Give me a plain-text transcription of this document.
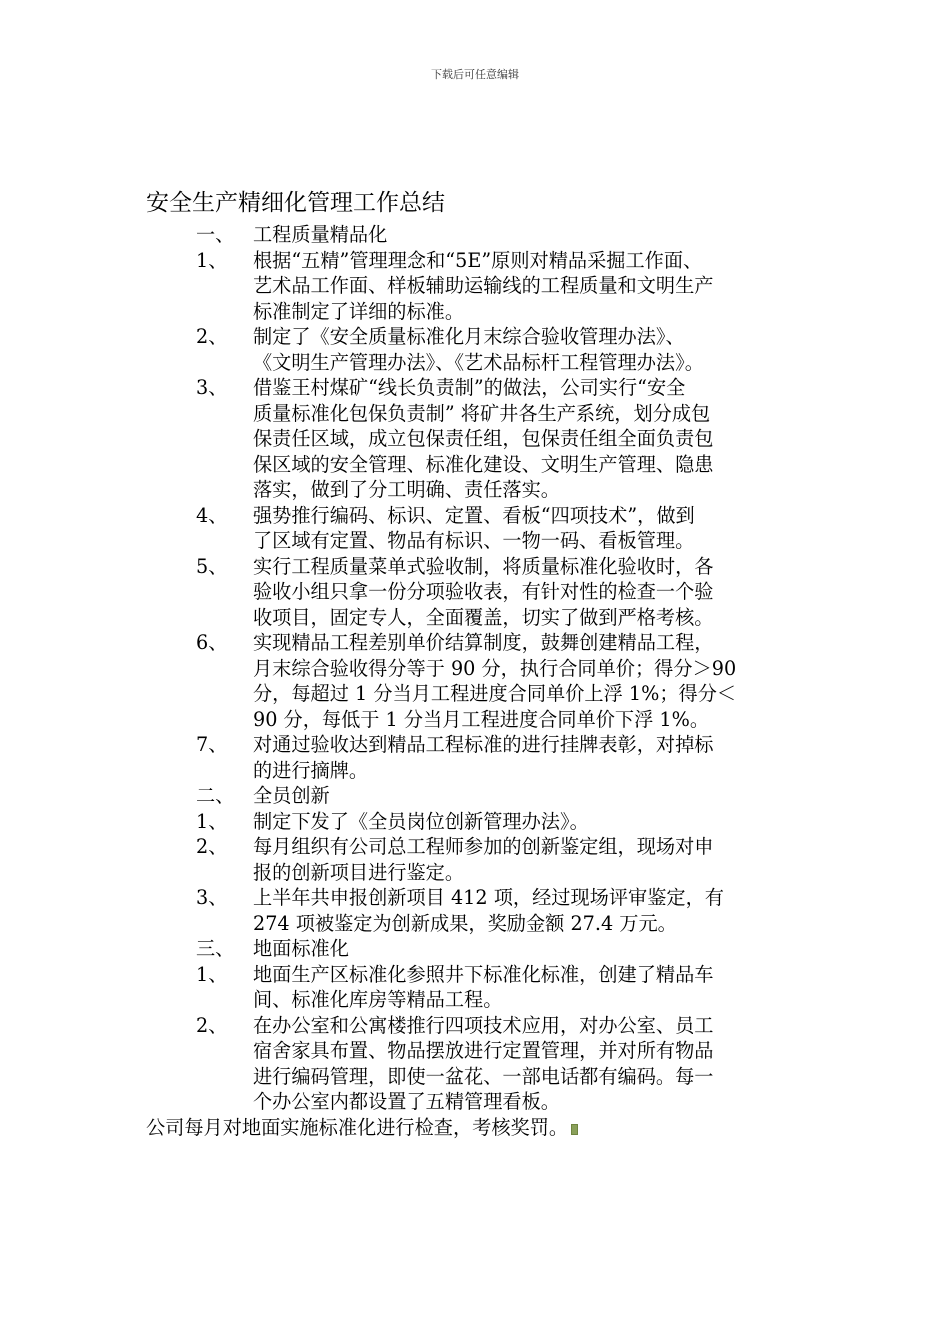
下载后可任意编辑
安全生产精细化管理工作总结
一、 工程质量精品化
1、 根据“五精”管理理念和“5E”原则对精品采掘工作面、
艺术品工作面、样板辅助运输线的工程质量和文明生产
标准制定了详细的标准。
2、 制定了《安全质量标准化月末综合验收管理办法》、
《文明生产管理办法》、《艺术品标杆工程管理办法》。
3、 借鉴王村煤矿“线长负责制”的做法，公司实行“安全
质量标准化包保负责制” 将矿井各生产系统，划分成包
保责任区域，成立包保责任组，包保责任组全面负责包
保区域的安全管理、标准化建设、文明生产管理、隐患
落实，做到了分工明确、责任落实。
4、 强势推行编码、标识、定置、看板“四项技术”，做到
了区域有定置、物品有标识、一物一码、看板管理。
5、 实行工程质量菜单式验收制，将质量标准化验收时，各
验收小组只拿一份分项验收表，有针对性的检查一个验
收项目，固定专人，全面覆盖，切实了做到严格考核。
6、 实现精品工程差别单价结算制度，鼓舞创建精品工程，
月末综合验收得分等于 90 分，执行合同单价；得分＞90
分，每超过 1 分当月工程进度合同单价上浮 1%；得分＜
90 分，每低于 1 分当月工程进度合同单价下浮 1%。
7、 对通过验收达到精品工程标准的进行挂牌表彰，对掉标
的进行摘牌。
二、 全员创新
1、 制定下发了《全员岗位创新管理办法》。
2、 每月组织有公司总工程师参加的创新鉴定组，现场对申
报的创新项目进行鉴定。
3、 上半年共申报创新项目 412 项，经过现场评审鉴定，有
274 项被鉴定为创新成果，奖励金额 27.4 万元。
三、 地面标准化
1、 地面生产区标准化参照井下标准化标准，创建了精品车
间、标准化库房等精品工程。
2、 在办公室和公寓楼推行四项技术应用，对办公室、员工
宿舍家具布置、物品摆放进行定置管理，并对所有物品
进行编码管理，即使一盆花、一部电话都有编码。每一
个办公室内都设置了五精管理看板。
公司每月对地面实施标准化进行检查，考核奖罚。
